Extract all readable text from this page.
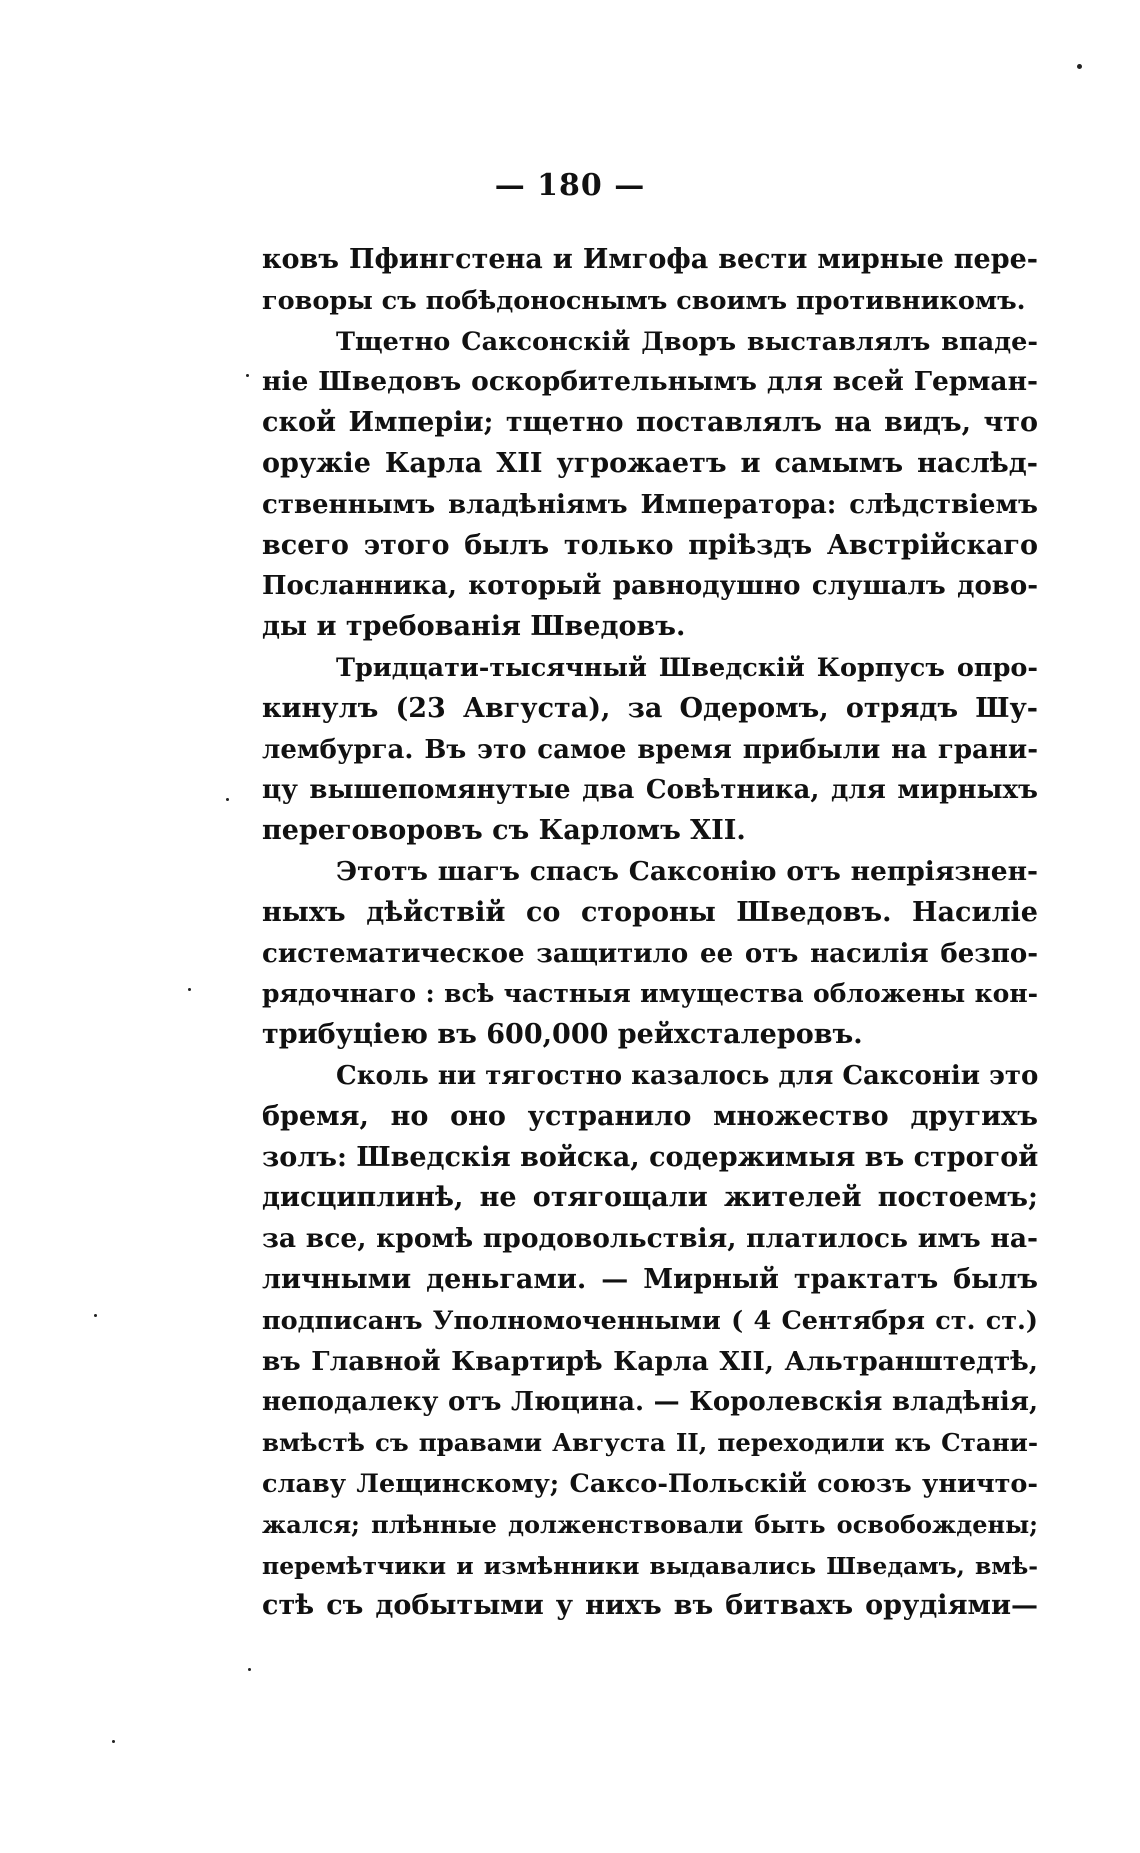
— 180 —
ковъ Пфингстена и Имгофа вести мирные пере-
говоры съ побѣдоноснымъ своимъ противникомъ.
Тщетно Саксонскій Дворъ выставлялъ впаде-
ніе Шведовъ оскорбительнымъ для всей Герман-
ской Имперіи; тщетно поставлялъ на видъ, что
оружіе Карла XII угрожаетъ и самымъ наслѣд-
ственнымъ владѣніямъ Императора: слѣдствіемъ
всего этого былъ только пріѣздъ Австрійскаго
Посланника, который равнодушно слушалъ дово-
ды и требованія Шведовъ.
Тридцати-тысячный Шведскій Корпусъ опро-
кинулъ (23 Августа), за Одеромъ, отрядъ Шу-
лембурга. Въ это самое время прибыли на грани-
цу вышепомянутые два Совѣтника, для мирныхъ
переговоровъ съ Карломъ XII.
Этотъ шагъ спасъ Саксонію отъ непріязнен-
ныхъ дѣйствій со стороны Шведовъ. Насиліе
систематическое защитило ее отъ насилія безпо-
рядочнаго : всѣ частныя имущества обложены кон-
трибуціею въ 600,000 рейхсталеровъ.
Сколь ни тягостно казалось для Саксоніи это
бремя, но оно устранило множество другихъ
золъ: Шведскія войска, содержимыя въ строгой
дисциплинѣ, не отягощали жителей постоемъ;
за все, кромѣ продовольствія, платилось имъ на-
личными деньгами. — Мирный трактатъ былъ
подписанъ Уполномоченными ( 4 Сентября ст. ст.)
въ Главной Квартирѣ Карла XII, Альтранштедтѣ,
неподалеку отъ Люцина. — Королевскія владѣнія,
вмѣстѣ съ правами Августа II, переходили къ Стани-
славу Лещинскому; Саксо-Польскій союзъ уничто-
жался; плѣнные долженствовали быть освобождены;
перемѣтчики и измѣнники выдавались Шведамъ, вмѣ-
стѣ съ добытыми у нихъ въ битвахъ орудіями—
